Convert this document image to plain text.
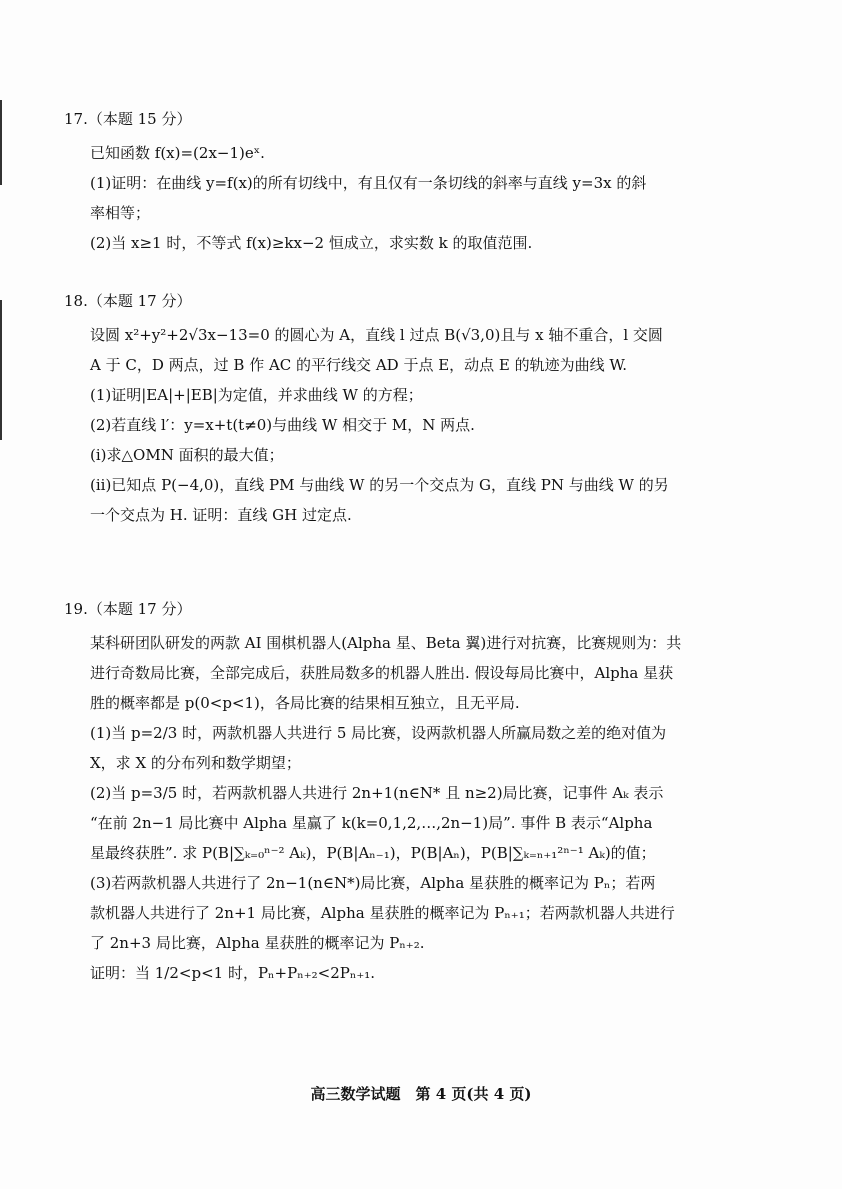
17.（本题 15 分）
已知函数 f(x)=(2x−1)eˣ.
(1)证明：在曲线 y=f(x)的所有切线中，有且仅有一条切线的斜率与直线 y=3x 的斜
率相等；
(2)当 x≥1 时，不等式 f(x)≥kx−2 恒成立，求实数 k 的取值范围.
18.（本题 17 分）
设圆 x²+y²+2√3x−13=0 的圆心为 A，直线 l 过点 B(√3,0)且与 x 轴不重合，l 交圆
A 于 C，D 两点，过 B 作 AC 的平行线交 AD 于点 E，动点 E 的轨迹为曲线 W.
(1)证明|EA|+|EB|为定值，并求曲线 W 的方程；
(2)若直线 l′：y=x+t(t≠0)与曲线 W 相交于 M，N 两点.
(i)求△OMN 面积的最大值；
(ii)已知点 P(−4,0)，直线 PM 与曲线 W 的另一个交点为 G，直线 PN 与曲线 W 的另
一个交点为 H. 证明：直线 GH 过定点.
19.（本题 17 分）
某科研团队研发的两款 AI 围棋机器人(Alpha 星、Beta 翼)进行对抗赛，比赛规则为：共
进行奇数局比赛，全部完成后，获胜局数多的机器人胜出. 假设每局比赛中，Alpha 星获
胜的概率都是 p(0<p<1)，各局比赛的结果相互独立，且无平局.
(1)当 p=2/3 时，两款机器人共进行 5 局比赛，设两款机器人所赢局数之差的绝对值为
X，求 X 的分布列和数学期望；
(2)当 p=3/5 时，若两款机器人共进行 2n+1(n∈N* 且 n≥2)局比赛，记事件 Aₖ 表示
“在前 2n−1 局比赛中 Alpha 星赢了 k(k=0,1,2,…,2n−1)局”. 事件 B 表示“Alpha
星最终获胜”. 求 P(B|∑ₖ₌₀ⁿ⁻² Aₖ)，P(B|Aₙ₋₁)，P(B|Aₙ)，P(B|∑ₖ₌ₙ₊₁²ⁿ⁻¹ Aₖ)的值；
(3)若两款机器人共进行了 2n−1(n∈N*)局比赛，Alpha 星获胜的概率记为 Pₙ；若两
款机器人共进行了 2n+1 局比赛，Alpha 星获胜的概率记为 Pₙ₊₁；若两款机器人共进行
了 2n+3 局比赛，Alpha 星获胜的概率记为 Pₙ₊₂.
证明：当 1/2<p<1 时，Pₙ+Pₙ₊₂<2Pₙ₊₁.
高三数学试题　第 4 页(共 4 页)
